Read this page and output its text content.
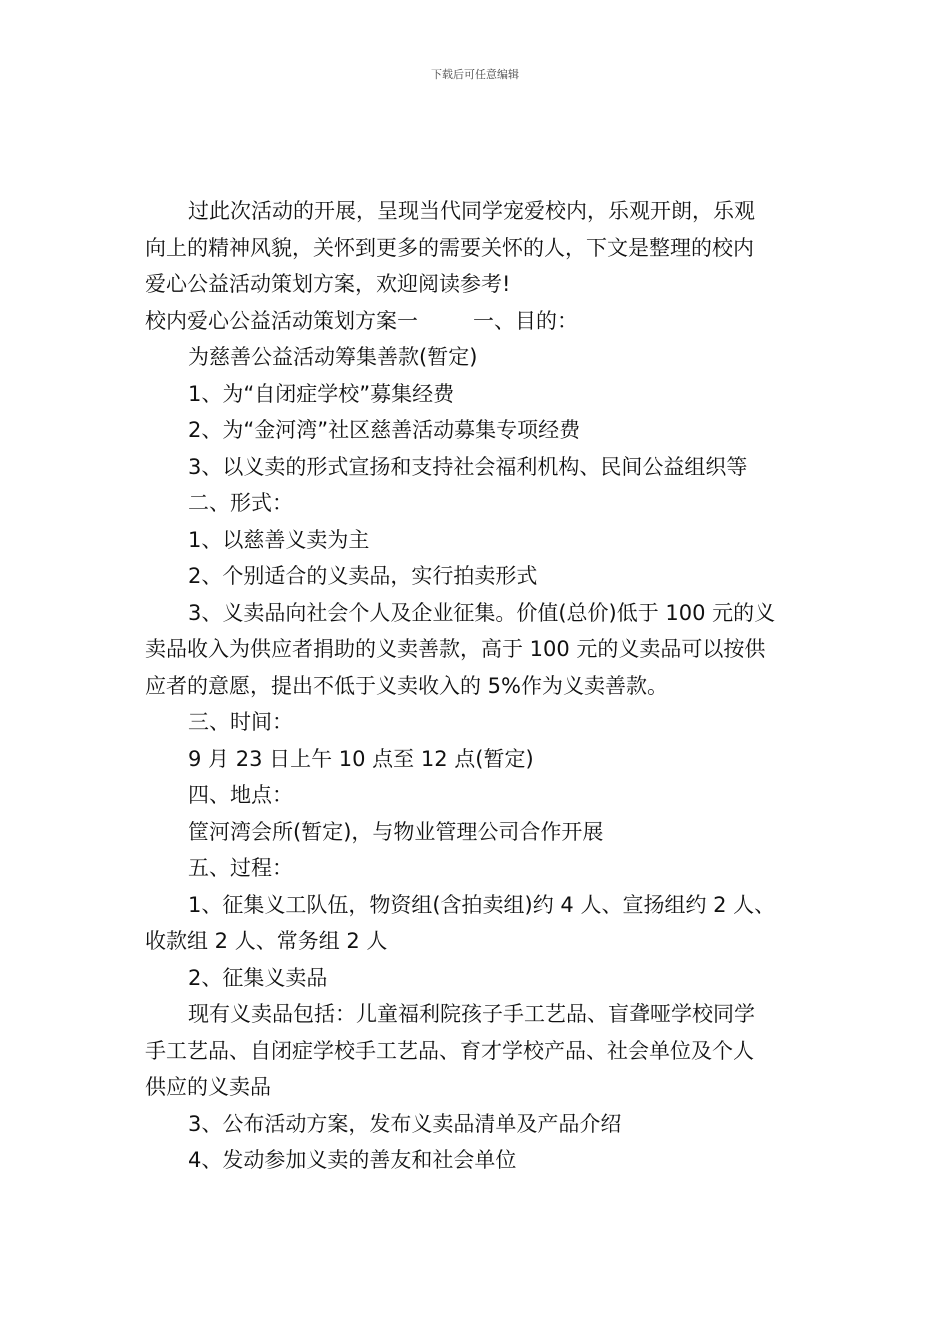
下载后可任意编辑

过此次活动的开展，呈现当代同学宠爱校内，乐观开朗，乐观

向上的精神风貌，关怀到更多的需要关怀的人，下文是整理的校内

爱心公益活动策划方案，欢迎阅读参考!

校内爱心公益活动策划方案一	一、目的：

为慈善公益活动筹集善款(暂定)

1、为“自闭症学校”募集经费

2、为“金河湾”社区慈善活动募集专项经费

3、以义卖的形式宣扬和支持社会福利机构、民间公益组织等

二、形式：

1、以慈善义卖为主

2、个别适合的义卖品，实行拍卖形式

3、义卖品向社会个人及企业征集。价值(总价)低于 100 元的义

卖品收入为供应者捐助的义卖善款，高于 100 元的义卖品可以按供

应者的意愿，提出不低于义卖收入的 5%作为义卖善款。

三、时间：

9 月 23 日上午 10 点至 12 点(暂定)

四、地点：

筐河湾会所(暂定)，与物业管理公司合作开展

五、过程：

1、征集义工队伍，物资组(含拍卖组)约 4 人、宣扬组约 2 人、

收款组 2 人、常务组 2 人

2、征集义卖品

现有义卖品包括：儿童福利院孩子手工艺品、盲聋哑学校同学

手工艺品、自闭症学校手工艺品、育才学校产品、社会单位及个人

供应的义卖品

3、公布活动方案，发布义卖品清单及产品介绍

4、发动参加义卖的善友和社会单位
